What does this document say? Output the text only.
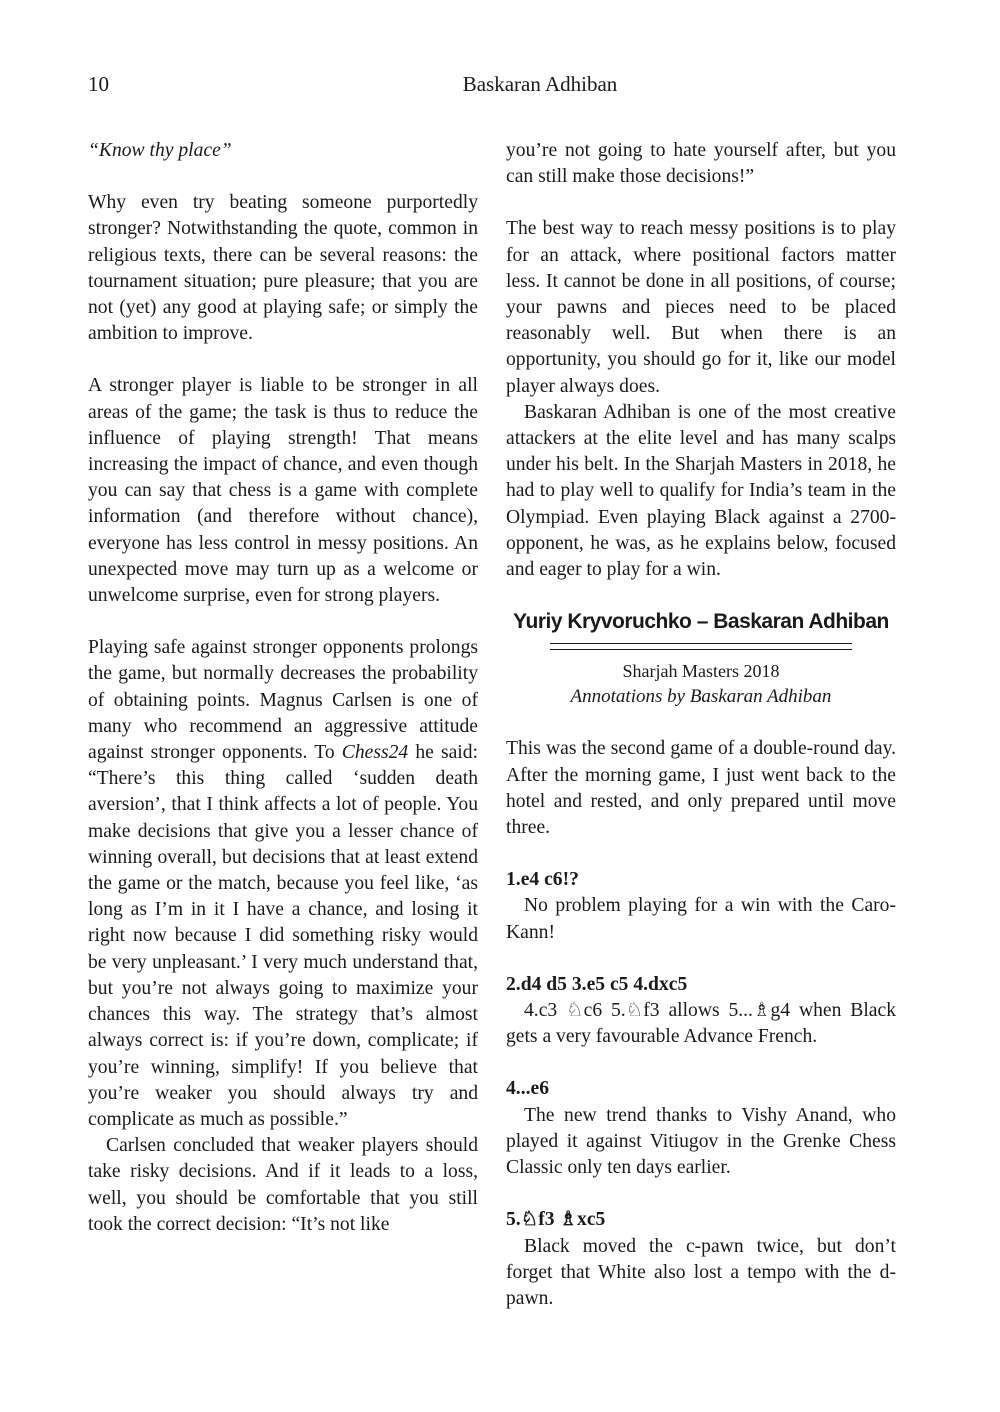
10	Baskaran Adhiban

“Know thy place”

Why even try beating someone purportedly stronger? Notwithstanding the quote, common in religious texts, there can be several reasons: the tournament situation; pure pleasure; that you are not (yet) any good at playing safe; or simply the ambition to improve.

A stronger player is liable to be stronger in all areas of the game; the task is thus to reduce the influence of playing strength! That means increasing the impact of chance, and even though you can say that chess is a game with complete information (and therefore without chance), everyone has less control in messy positions. An unexpected move may turn up as a welcome or unwelcome surprise, even for strong players.

Playing safe against stronger opponents prolongs the game, but normally decreases the probability of obtaining points. Magnus Carlsen is one of many who recommend an aggressive attitude against stronger opponents. To Chess24 he said: “There’s this thing called ‘sudden death aversion’, that I think affects a lot of people. You make decisions that give you a lesser chance of winning overall, but decisions that at least extend the game or the match, because you feel like, ‘as long as I’m in it I have a chance, and losing it right now because I did something risky would be very unpleasant.’ I very much understand that, but you’re not always going to maximize your chances this way. The strategy that’s almost always correct is: if you’re down, complicate; if you’re winning, simplify! If you believe that you’re weaker you should always try and complicate as much as possible.”

Carlsen concluded that weaker players should take risky decisions. And if it leads to a loss, well, you should be comfortable that you still took the correct decision: “It’s not like

you’re not going to hate yourself after, but you can still make those decisions!”

The best way to reach messy positions is to play for an attack, where positional factors matter less. It cannot be done in all positions, of course; your pawns and pieces need to be placed reasonably well. But when there is an opportunity, you should go for it, like our model player always does.

Baskaran Adhiban is one of the most creative attackers at the elite level and has many scalps under his belt. In the Sharjah Masters in 2018, he had to play well to qualify for India’s team in the Olympiad. Even playing Black against a 2700-opponent, he was, as he explains below, focused and eager to play for a win.

Yuriy Kryvoruchko – Baskaran Adhiban
Sharjah Masters 2018
Annotations by Baskaran Adhiban

This was the second game of a double-round day. After the morning game, I just went back to the hotel and rested, and only prepared until move three.

1.e4 c6!?

No problem playing for a win with the Caro-Kann!

2.d4 d5 3.e5 c5 4.dxc5

4.c3 ♘c6 5.♘f3 allows 5...♗g4 when Black gets a very favourable Advance French.

4...e6

The new trend thanks to Vishy Anand, who played it against Vitiugov in the Grenke Chess Classic only ten days earlier.

5.♘f3 ♗xc5

Black moved the c-pawn twice, but don’t forget that White also lost a tempo with the d-pawn.
